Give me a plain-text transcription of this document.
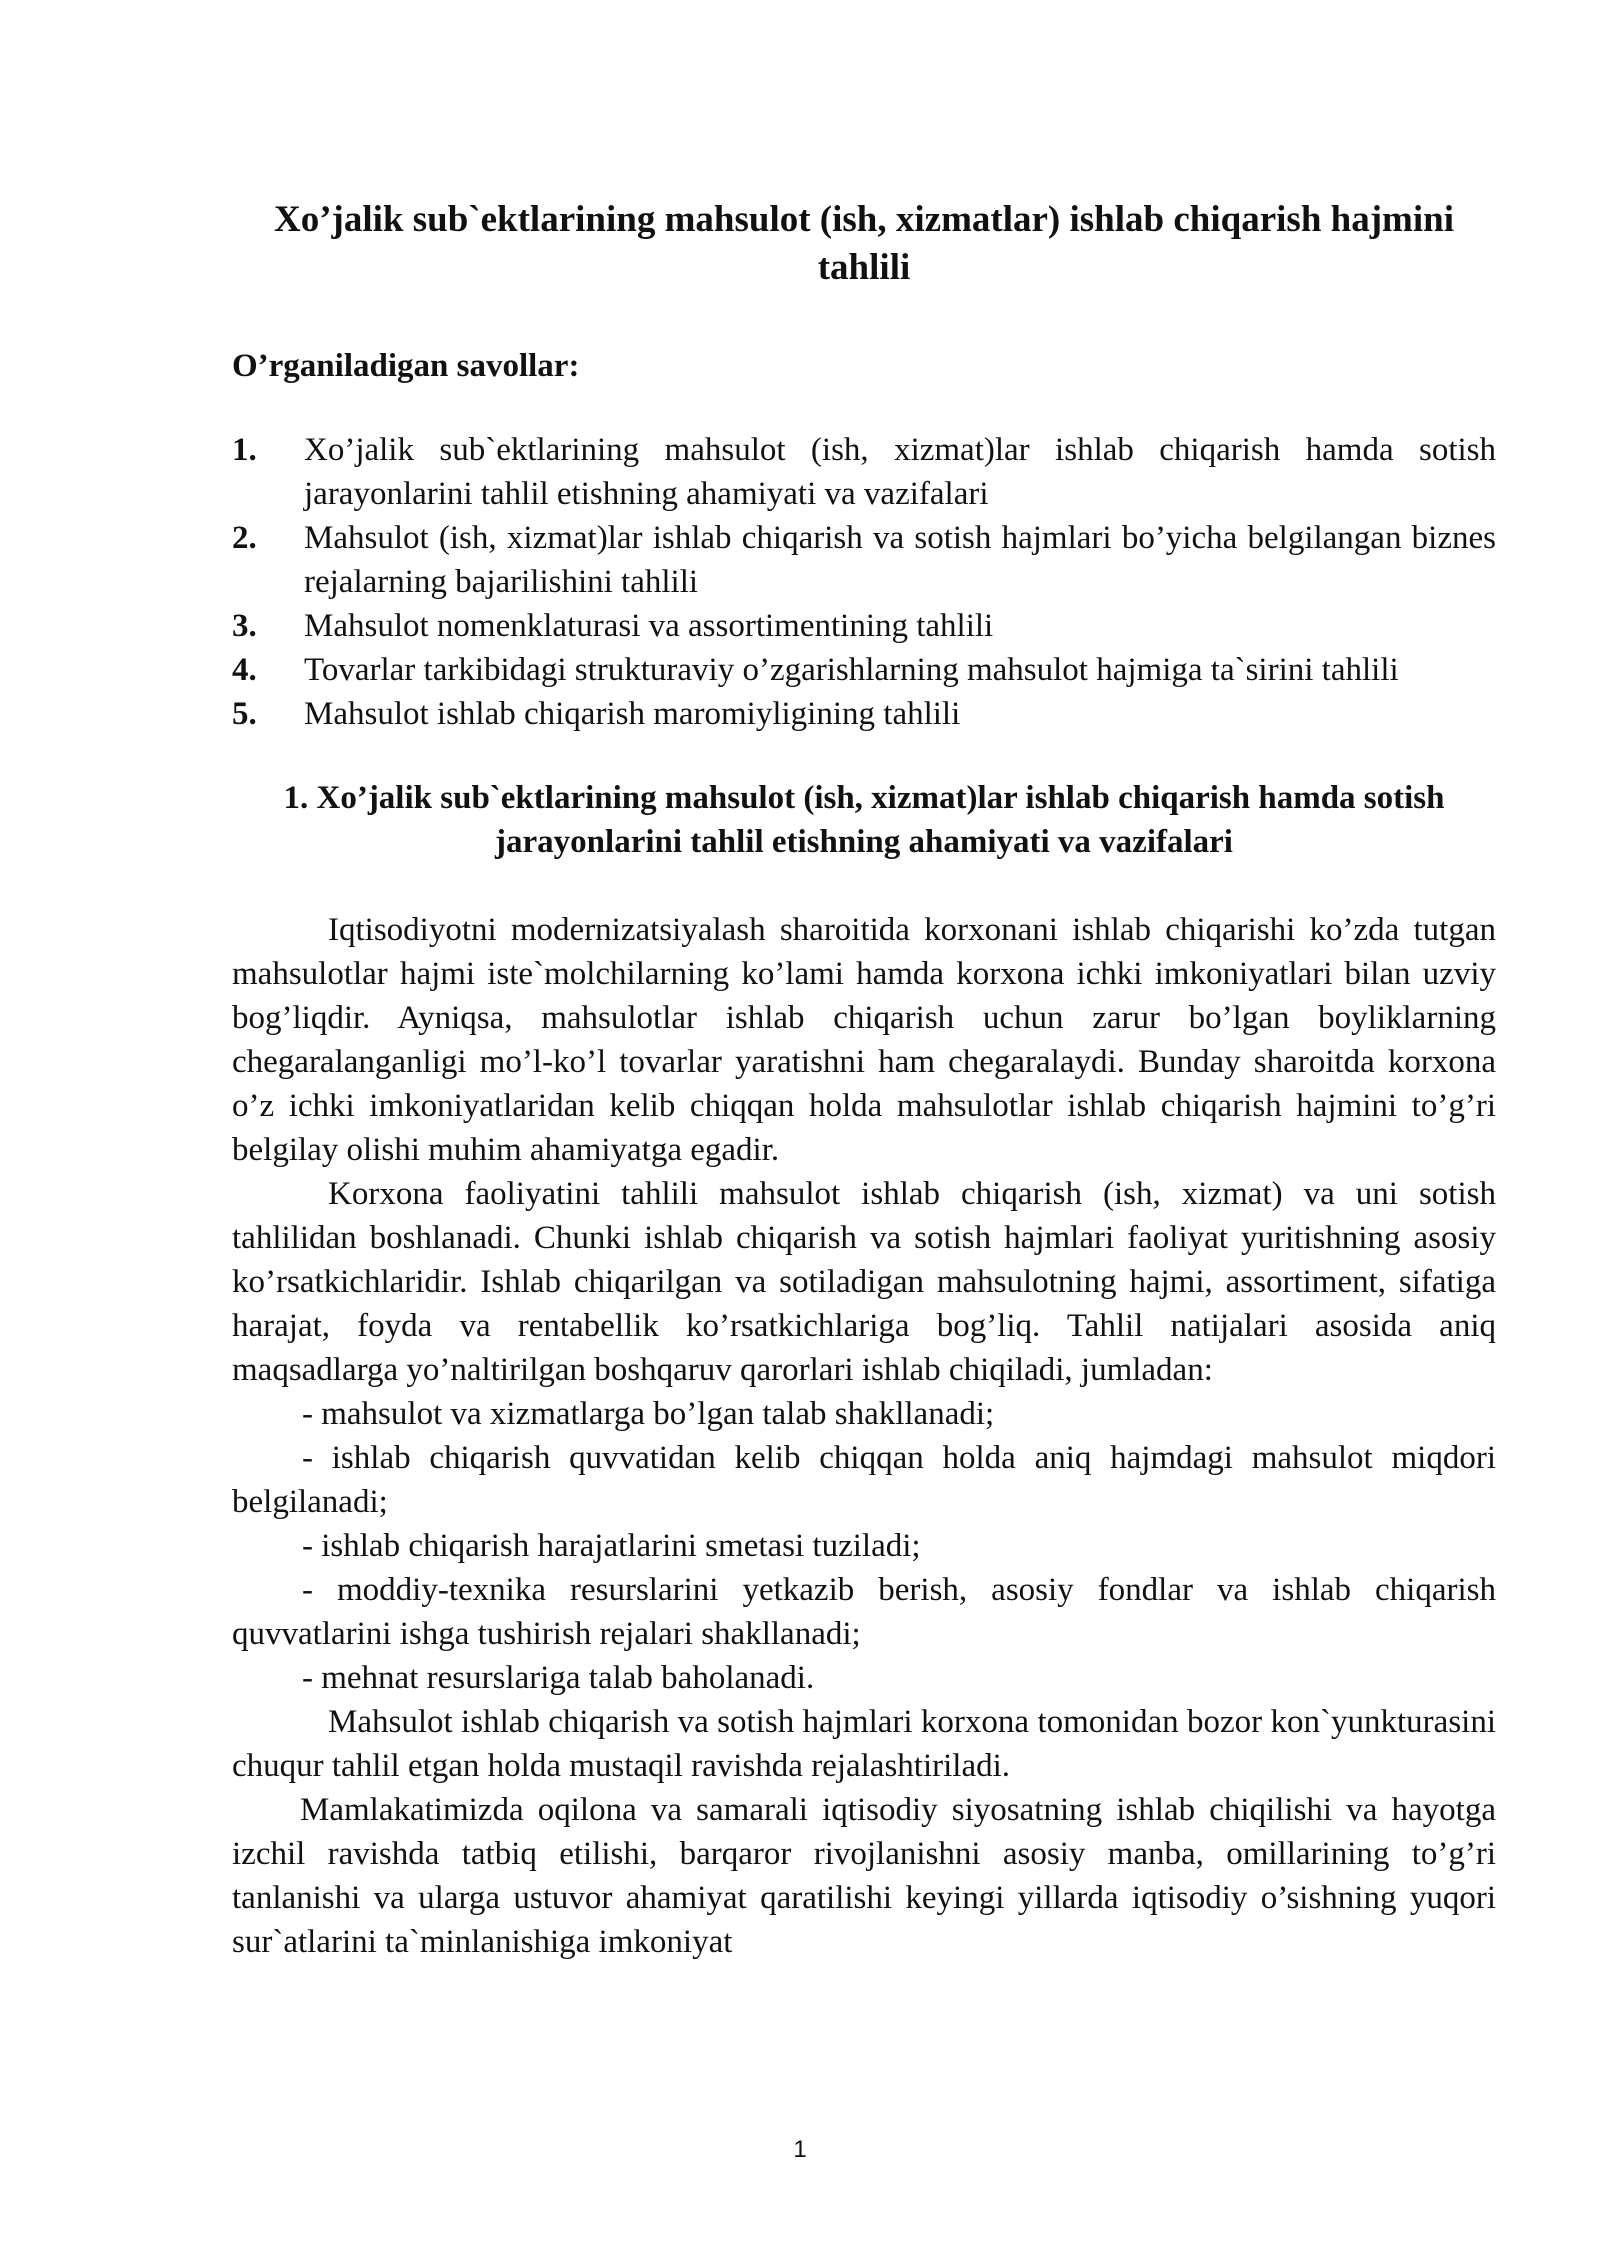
Xo’jalik sub`ektlarining mahsulot (ish, xizmatlar) ishlab chiqarish hajmini tahlili
O’rganiladigan savollar:
1. Xo’jalik sub`ektlarining mahsulot (ish, xizmat)lar ishlab chiqarish hamda sotish jarayonlarini tahlil etishning ahamiyati va vazifalari
2. Mahsulot (ish, xizmat)lar ishlab chiqarish va sotish hajmlari bo’yicha belgilangan biznes rejalarning bajarilishini tahlili
3. Mahsulot nomenklaturasi va assortimentining tahlili
4. Tovarlar tarkibidagi strukturaviy o’zgarishlarning mahsulot hajmiga ta`sirini tahlili
5. Mahsulot ishlab chiqarish maromiyligining tahlili
1. Xo’jalik sub`ektlarining mahsulot (ish, xizmat)lar ishlab chiqarish hamda sotish jarayonlarini tahlil etishning ahamiyati va vazifalari

Iqtisodiyotni modernizatsiyalash sharoitida korxonani ishlab chiqarishi ko’zda tutgan mahsulotlar hajmi iste`molchilarning ko’lami hamda korxona ichki imkoniyatlari bilan uzviy bog’liqdir. Ayniqsa, mahsulotlar ishlab chiqarish uchun zarur bo’lgan boyliklarning chegaralanganligi mo’l-ko’l tovarlar yaratishni ham chegaralaydi. Bunday sharoitda korxona o’z ichki imkoniyatlaridan kelib chiqqan holda mahsulotlar ishlab chiqarish hajmini to’g’ri belgilay olishi muhim ahamiyatga egadir.

Korxona faoliyatini tahlili mahsulot ishlab chiqarish (ish, xizmat) va uni sotish tahlilidan boshlanadi. Chunki ishlab chiqarish va sotish hajmlari faoliyat yuritishning asosiy ko’rsatkichlaridir. Ishlab chiqarilgan va sotiladigan mahsulotning hajmi, assortiment, sifatiga harajat, foyda va rentabellik ko’rsatkichlariga bog’liq. Tahlil natijalari asosida aniq maqsadlarga yo’naltirilgan boshqaruv qarorlari ishlab chiqiladi, jumladan:

- mahsulot va xizmatlarga bo’lgan talab shakllanadi;

- ishlab chiqarish quvvatidan kelib chiqqan holda aniq hajmdagi mahsulot miqdori belgilanadi;

- ishlab chiqarish harajatlarini smetasi tuziladi;

- moddiy-texnika resurslarini yetkazib berish, asosiy fondlar va ishlab chiqarish quvvatlarini ishga tushirish rejalari shakllanadi;

- mehnat resurslariga talab baholanadi.

Mahsulot ishlab chiqarish va sotish hajmlari korxona tomonidan bozor kon`yunkturasini chuqur tahlil etgan holda mustaqil ravishda rejalashtiriladi.

Mamlakatimizda oqilona va samarali iqtisodiy siyosatning ishlab chiqilishi va hayotga izchil ravishda tatbiq etilishi, barqaror rivojlanishni asosiy manba, omillarining to’g’ri tanlanishi va ularga ustuvor ahamiyat qaratilishi keyingi yillarda iqtisodiy o’sishning yuqori sur`atlarini ta`minlanishiga imkoniyat

1
